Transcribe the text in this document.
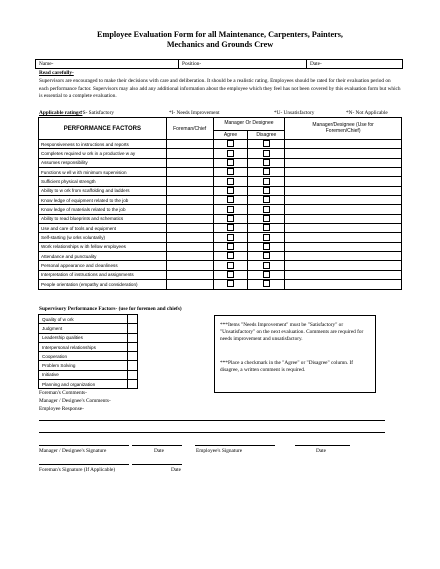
Employee Evaluation Form for all Maintenance, Carpenters, Painters,
Mechanics and Grounds Crew
Name-	Position-	Date-
Read carefully-
Supervisors are encouraged to make their decisions with care and deliberation. It should be a realistic rating. Employees should be rated for their evaluation period on each performance factor. Supervisors may also add any additional information about the employee which they feel has not been covered by this evaluation form but which is essential to a complete evaluation.
Applicable ratings:
*S- Satisfactory	*I- Needs Improvement	*U- Unsatisfactory	*N- Not Applicable
PERFORMANCE FACTORS	Foreman/Chief	Manager Or Designee		Manager/Designee (Use for Foremen/Chief)
		Agree	Disagree	
Responsiveness to instructions and reports				
Completes required w ork in a productive w ay				
Assumes responsibility				
Functions w ell w ith minimum supervision				
Sufficient physical strength				
Ability to w ork from scaffolding and ladders				
Know ledge of equipment related to the job				
Know ledge of materials related to the job				
Ability to read blueprints and schematics				
Use and care of tools and equipment				
Self-starting (w orks voluntarily)				
Work relationships w ith fellow employees				
Attendance and punctuality				
Personal appearance and cleanliness				
Interpretation of instructions and assignments				
People orientation (empathy and consideration)				
Supervisory Performance Factors- (use for foremen and chiefs)
Quality of w ork	
Judgment	
Leadership qualities	
Interpersonal relationships	
Cooperation	
Problem Solving	
Initiative	
Planning and organization	
***Items "Needs Improvement" must be "Satisfactory" or "Unsatisfactory" on the next evaluation. Comments are required for needs improvement and unsatisfactory.
***Place a checkmark in the "Agree" or "Disagree" column. If disagree, a written comment is required.
Foreman's Comments-
Manager / Designee's Comments-
Employee Response-
Manager / Designee's Signature	Date	Employee's Signature	Date
Foreman's Signature (If Applicable)	Date
